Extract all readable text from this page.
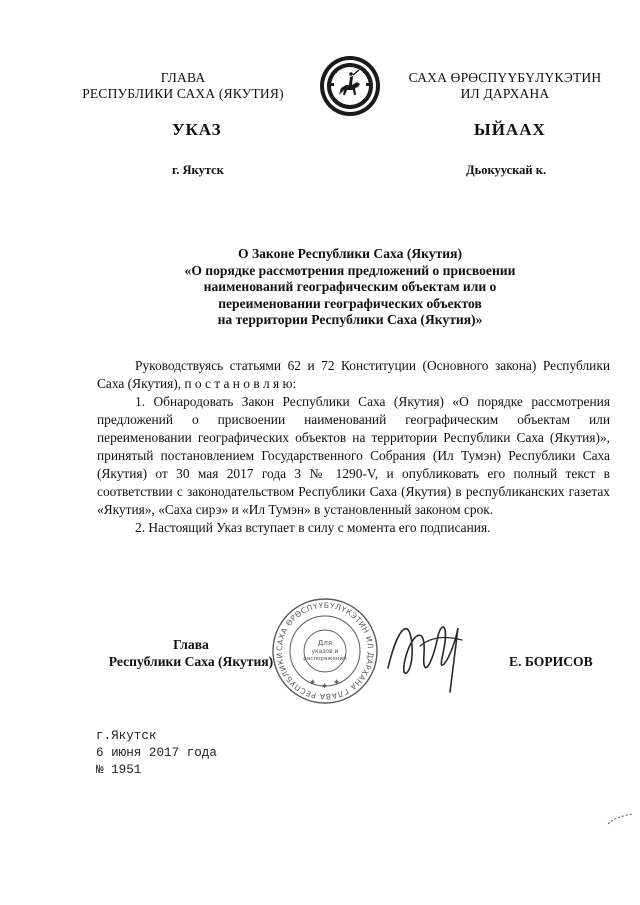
ГЛАВА
РЕСПУБЛИКИ САХА (ЯКУТИЯ)
САХА ӨРӨСПҮҮБҮЛҮКЭТИН
ИЛ ДАРХАНА
УКАЗ	ЫЙААХ
г. Якутск	Дьокуускай к.
О Законе Республики Саха (Якутия)
«О порядке рассмотрения предложений о присвоении
наименований географическим объектам или о
переименовании географических объектов
на территории Республики Саха (Якутия)»

Руководствуясь статьями 62 и 72 Конституции (Основного закона) Республики Саха (Якутия), п о с т а н о в л я ю:

1. Обнародовать Закон Республики Саха (Якутия) «О порядке рассмотрения предложений о присвоении наименований географическим объектам или переименовании географических объектов на территории Республики Саха (Якутия)», принятый постановлением Государственного Собрания (Ил Тумэн) Республики Саха (Якутия) от 30 мая 2017 года З № 1290-V, и опубликовать его полный текст в соответствии с законодательством Республики Саха (Якутия) в республиканских газетах «Якутия», «Саха сирэ» и «Ил Тумэн» в установленный законом срок.

2. Настоящий Указ вступает в силу с момента его подписания.

Глава
Республики Саха (Якутия)
САХА ӨРӨСПҮҮБҮЛҮКЭТИН ИЛ ДАРХАНА ГЛАВА РЕСПУБЛИКИ
Для
указов и
распоряжений
✱
✱
✱
Е. БОРИСОВ
г.Якутск
6 июня 2017 года
№ 1951
